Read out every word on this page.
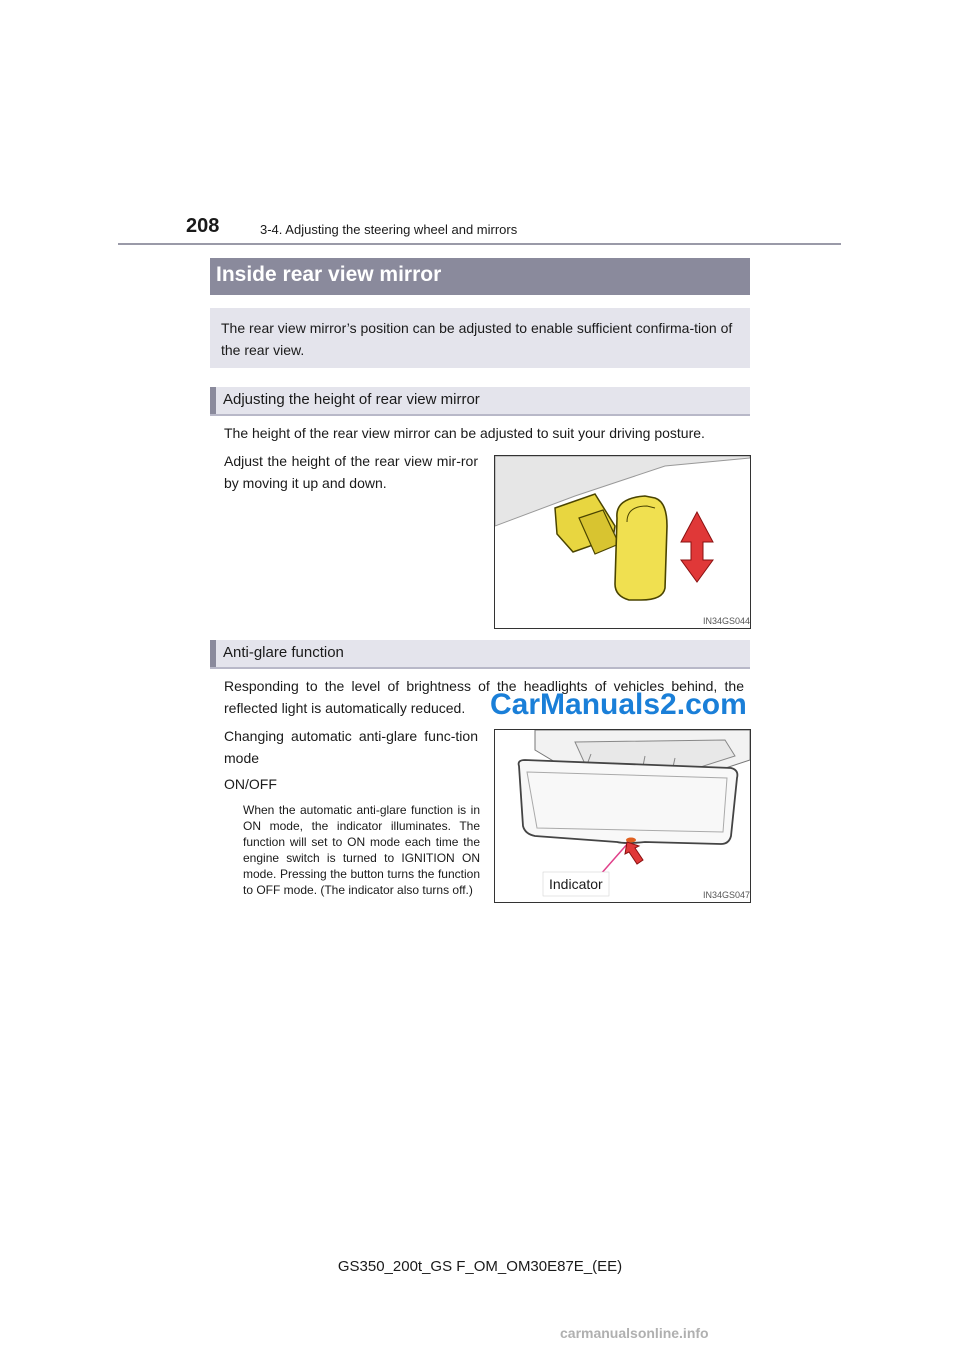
208	3-4. Adjusting the steering wheel and mirrors
Inside rear view mirror

The rear view mirror’s position can be adjusted to enable sufficient confirma-tion of the rear view.

Adjusting the height of rear view mirror
The height of the rear view mirror can be adjusted to suit your driving posture.
Adjust the height of the rear view mir-ror by moving it up and down.
IN34GS044
Anti-glare function
Responding to the level of brightness of the headlights of vehicles behind, the reflected light is automatically reduced.
Changing automatic anti-glare func-tion mode
ON/OFF
When the automatic anti-glare function is in ON mode, the indicator illuminates. The function will set to ON mode each time the engine switch is turned to IGNITION ON mode. Pressing the button turns the function to OFF mode. (The indicator also turns off.)	Indicator
IN34GS047
CarManuals2.com
GS350_200t_GS F_OM_OM30E87E_(EE)
carmanualsonline.info
